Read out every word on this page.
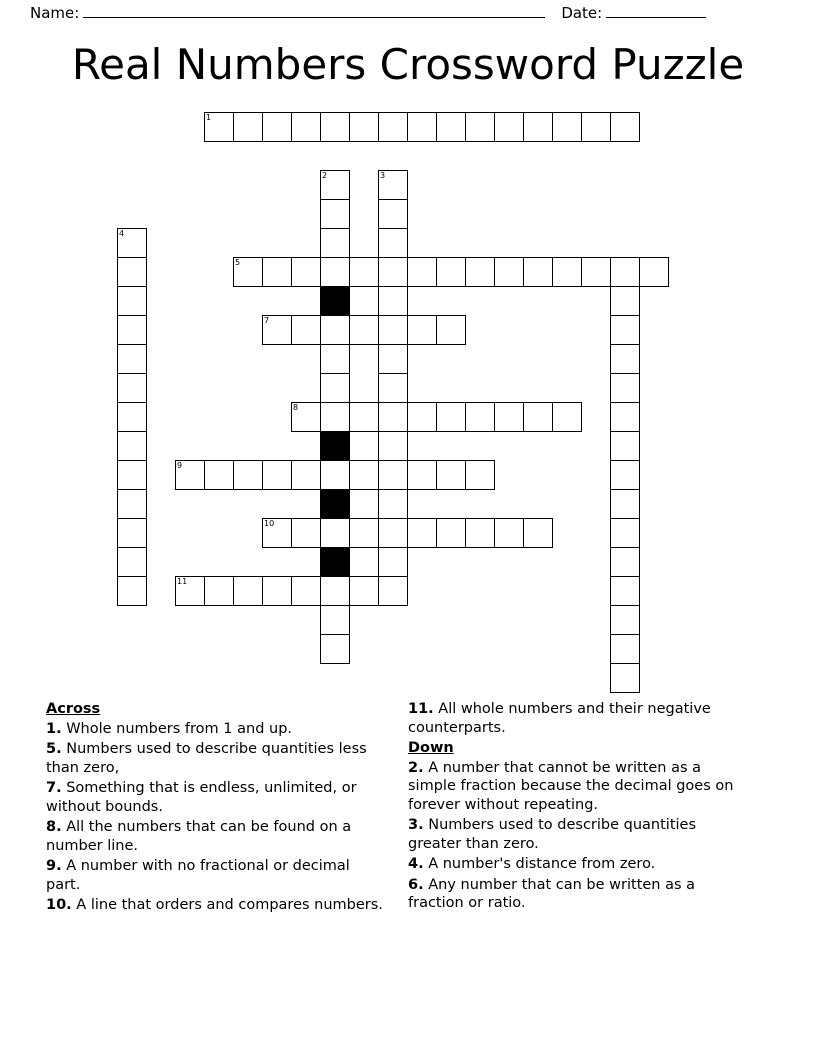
Name:	Date:
Real Numbers Crossword Puzzle
1
2	3
4
5
7
8
9
10
11
Across

1. Whole numbers from 1 and up.

5. Numbers used to describe quantities less than zero,

7. Something that is endless, unlimited, or without bounds.

8. All the numbers that can be found on a number line.

9. A number with no fractional or decimal part.

10. A line that orders and compares numbers.

11. All whole numbers and their negative counterparts.

Down

2. A number that cannot be written as a simple fraction because the decimal goes on forever without repeating.

3. Numbers used to describe quantities greater than zero.

4. A number's distance from zero.

6. Any number that can be written as a fraction or ratio.
